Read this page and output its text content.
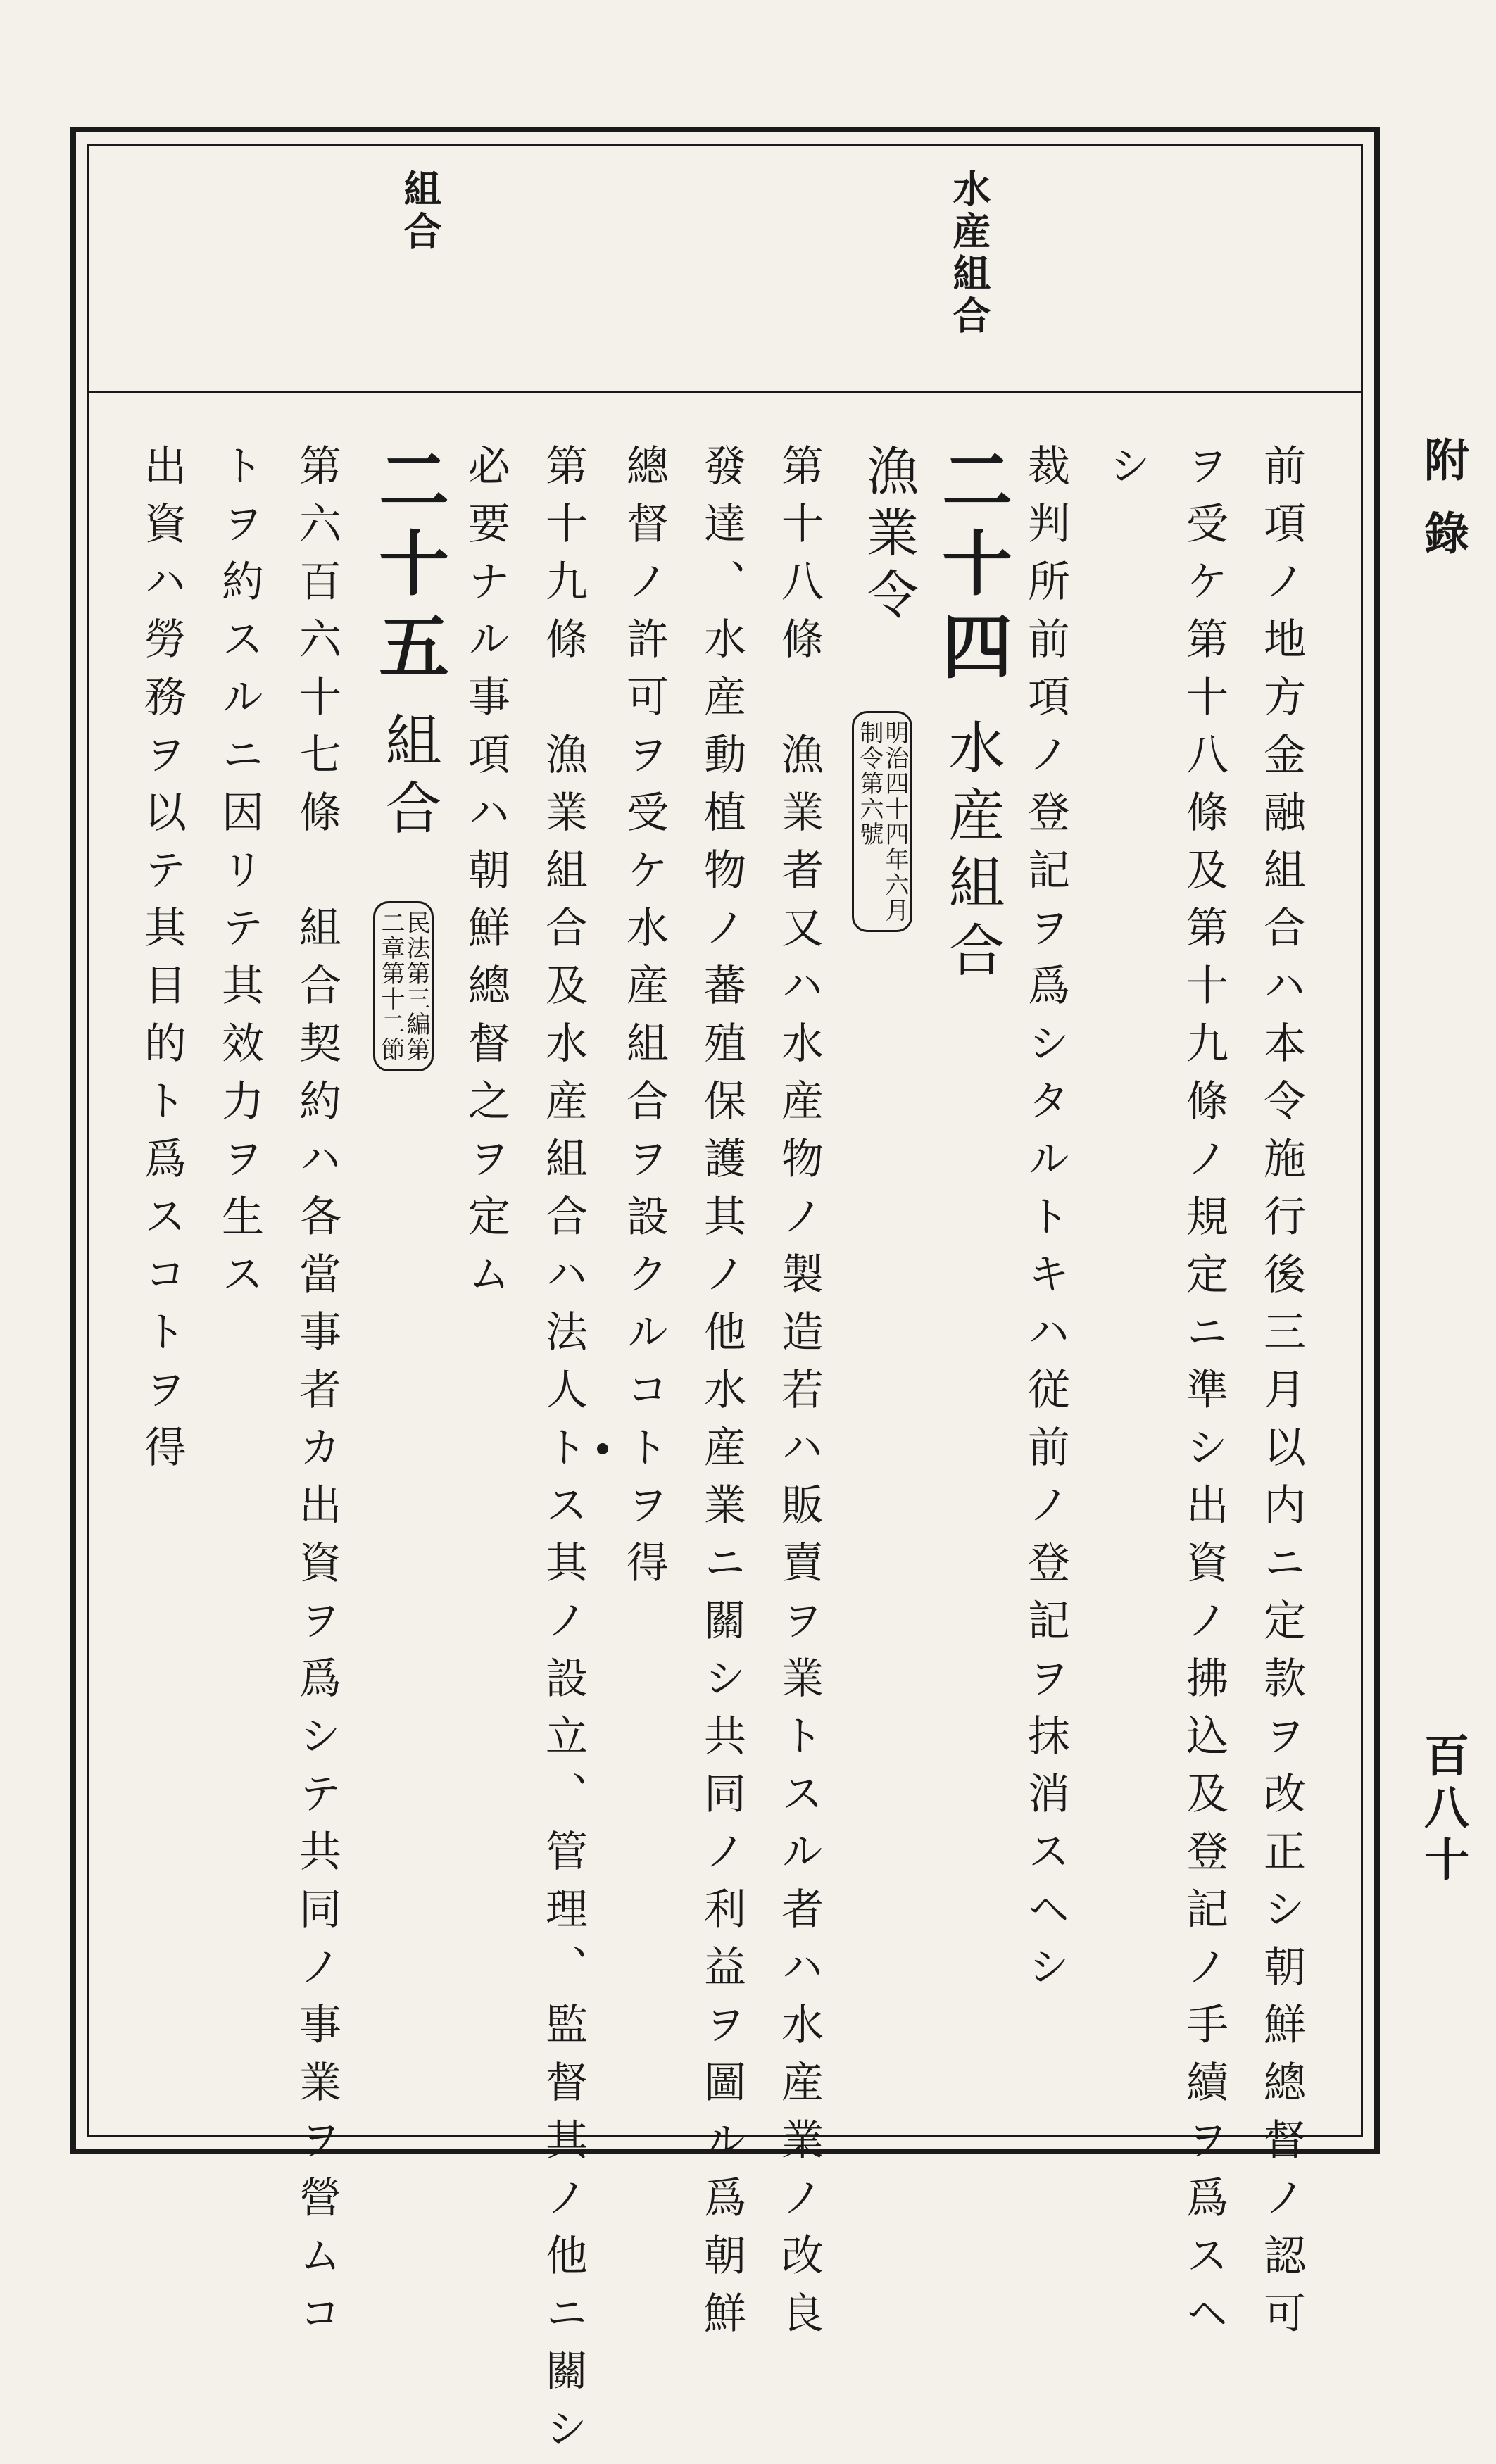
附錄
百八十
水産組合
組合
前項ノ地方金融組合ハ本令施行後三月以内ニ定款ヲ改正シ朝鮮總督ノ認可
ヲ受ケ第十八條及第十九條ノ規定ニ準シ出資ノ拂込及登記ノ手續ヲ爲スヘ
シ
裁判所前項ノ登記ヲ爲シタルトキハ従前ノ登記ヲ抹消スヘシ
二十四
水産組合
漁業令
明治四十四年六月
制令第六號
第十八條　漁業者又ハ水産物ノ製造若ハ販賣ヲ業トスル者ハ水産業ノ改良
發達、水産動植物ノ蕃殖保護其ノ他水産業ニ關シ共同ノ利益ヲ圖ル爲朝鮮
總督ノ許可ヲ受ケ水産組合ヲ設クルコトヲ得
第十九條　漁業組合及水産組合ハ法人トス其ノ設立、管理、監督其ノ他ニ關シ
必要ナル事項ハ朝鮮總督之ヲ定ム
二十五
組合
民法第三編第
二章第十二節
第六百六十七條　組合契約ハ各當事者カ出資ヲ爲シテ共同ノ事業ヲ營ムコ
トヲ約スルニ因リテ其效力ヲ生ス
出資ハ勞務ヲ以テ其目的ト爲スコトヲ得
